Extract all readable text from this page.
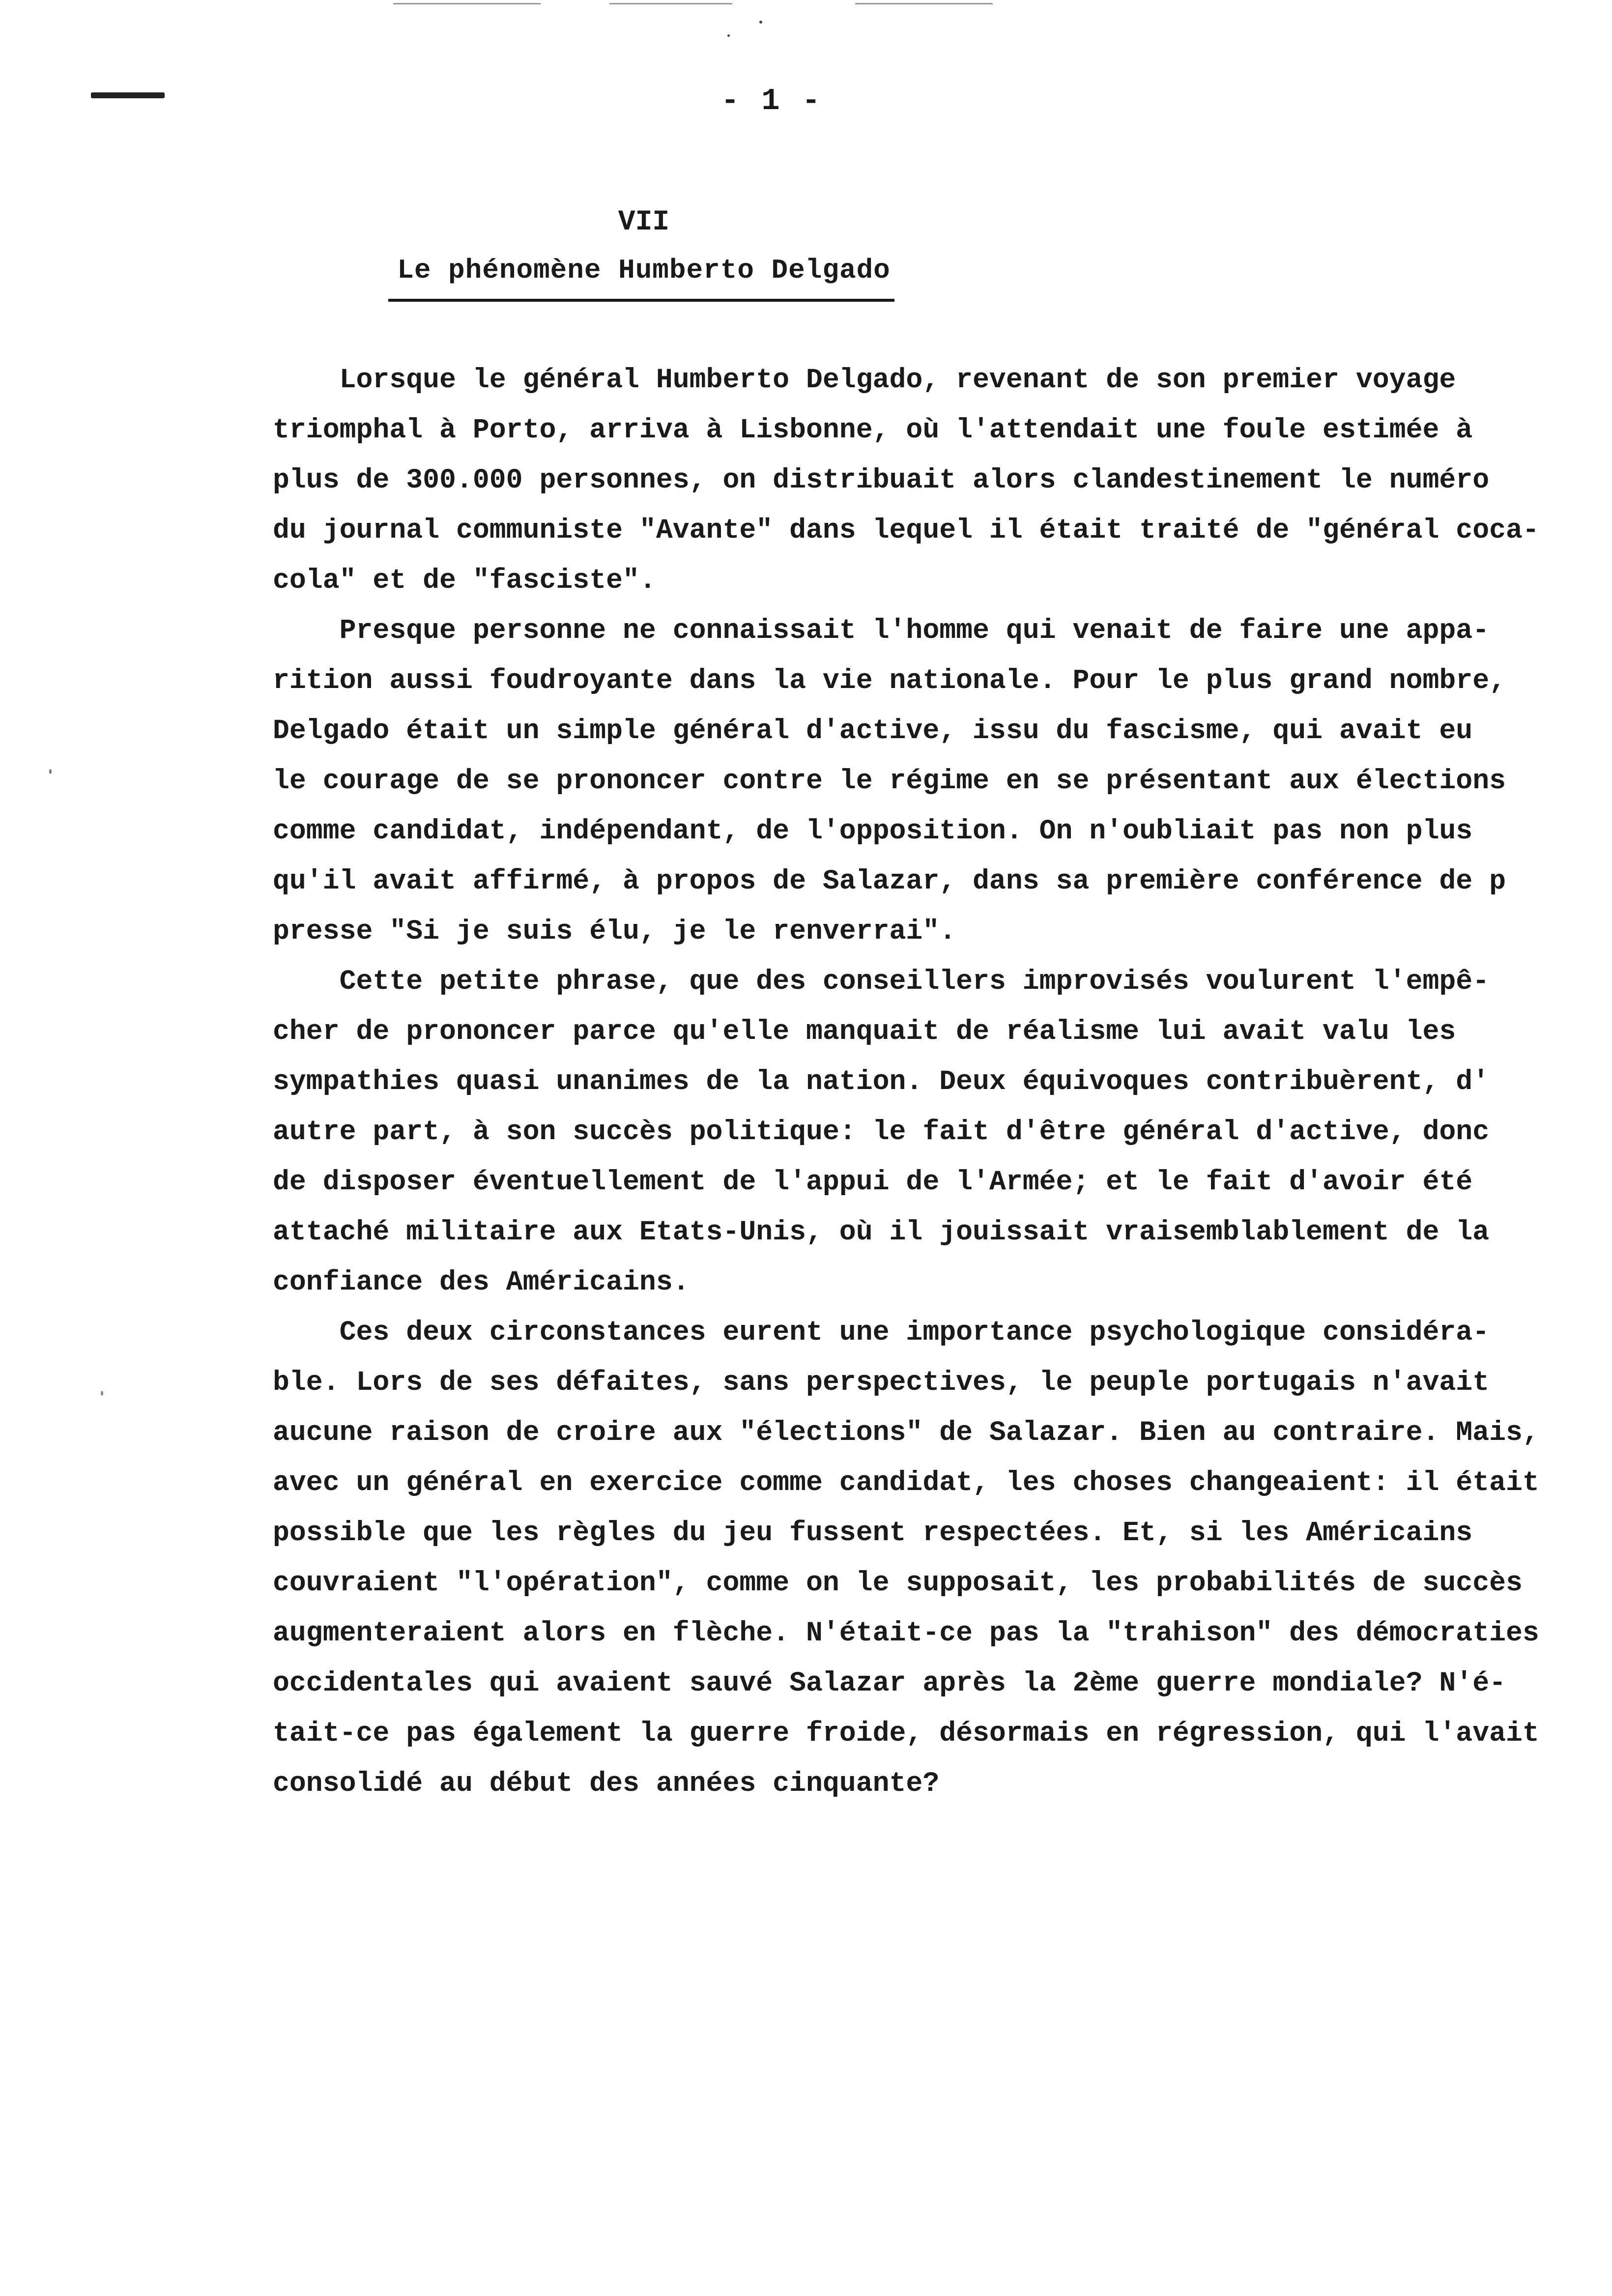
- 1 -
VII
Le phénomène Humberto Delgado
Lorsque le général Humberto Delgado, revenant de son premier voyage
triomphal à Porto, arriva à Lisbonne, où l'attendait une foule estimée à
plus de 300.000 personnes, on distribuait alors clandestinement le numéro
du journal communiste "Avante" dans lequel il était traité de "général coca-
cola" et de "fasciste".
Presque personne ne connaissait l'homme qui venait de faire une appa-
rition aussi foudroyante dans la vie nationale. Pour le plus grand nombre,
Delgado était un simple général d'active, issu du fascisme, qui avait eu
le courage de se prononcer contre le régime en se présentant aux élections
comme candidat, indépendant, de l'opposition. On n'oubliait pas non plus
qu'il avait affirmé, à propos de Salazar, dans sa première conférence de p
presse "Si je suis élu, je le renverrai".
Cette petite phrase, que des conseillers improvisés voulurent l'empê-
cher de prononcer parce qu'elle manquait de réalisme lui avait valu les
sympathies quasi unanimes de la nation. Deux équivoques contribuèrent, d'
autre part, à son succès politique: le fait d'être général d'active, donc
de disposer éventuellement de l'appui de l'Armée; et le fait d'avoir été
attaché militaire aux Etats-Unis, où il jouissait vraisemblablement de la
confiance des Américains.
Ces deux circonstances eurent une importance psychologique considéra-
ble. Lors de ses défaites, sans perspectives, le peuple portugais n'avait
aucune raison de croire aux "élections" de Salazar. Bien au contraire. Mais,
avec un général en exercice comme candidat, les choses changeaient: il était
possible que les règles du jeu fussent respectées. Et, si les Américains
couvraient "l'opération", comme on le supposait, les probabilités de succès
augmenteraient alors en flèche. N'était-ce pas la "trahison" des démocraties
occidentales qui avaient sauvé Salazar après la 2ème guerre mondiale? N'é-
tait-ce pas également la guerre froide, désormais en régression, qui l'avait
consolidé au début des années cinquante?
